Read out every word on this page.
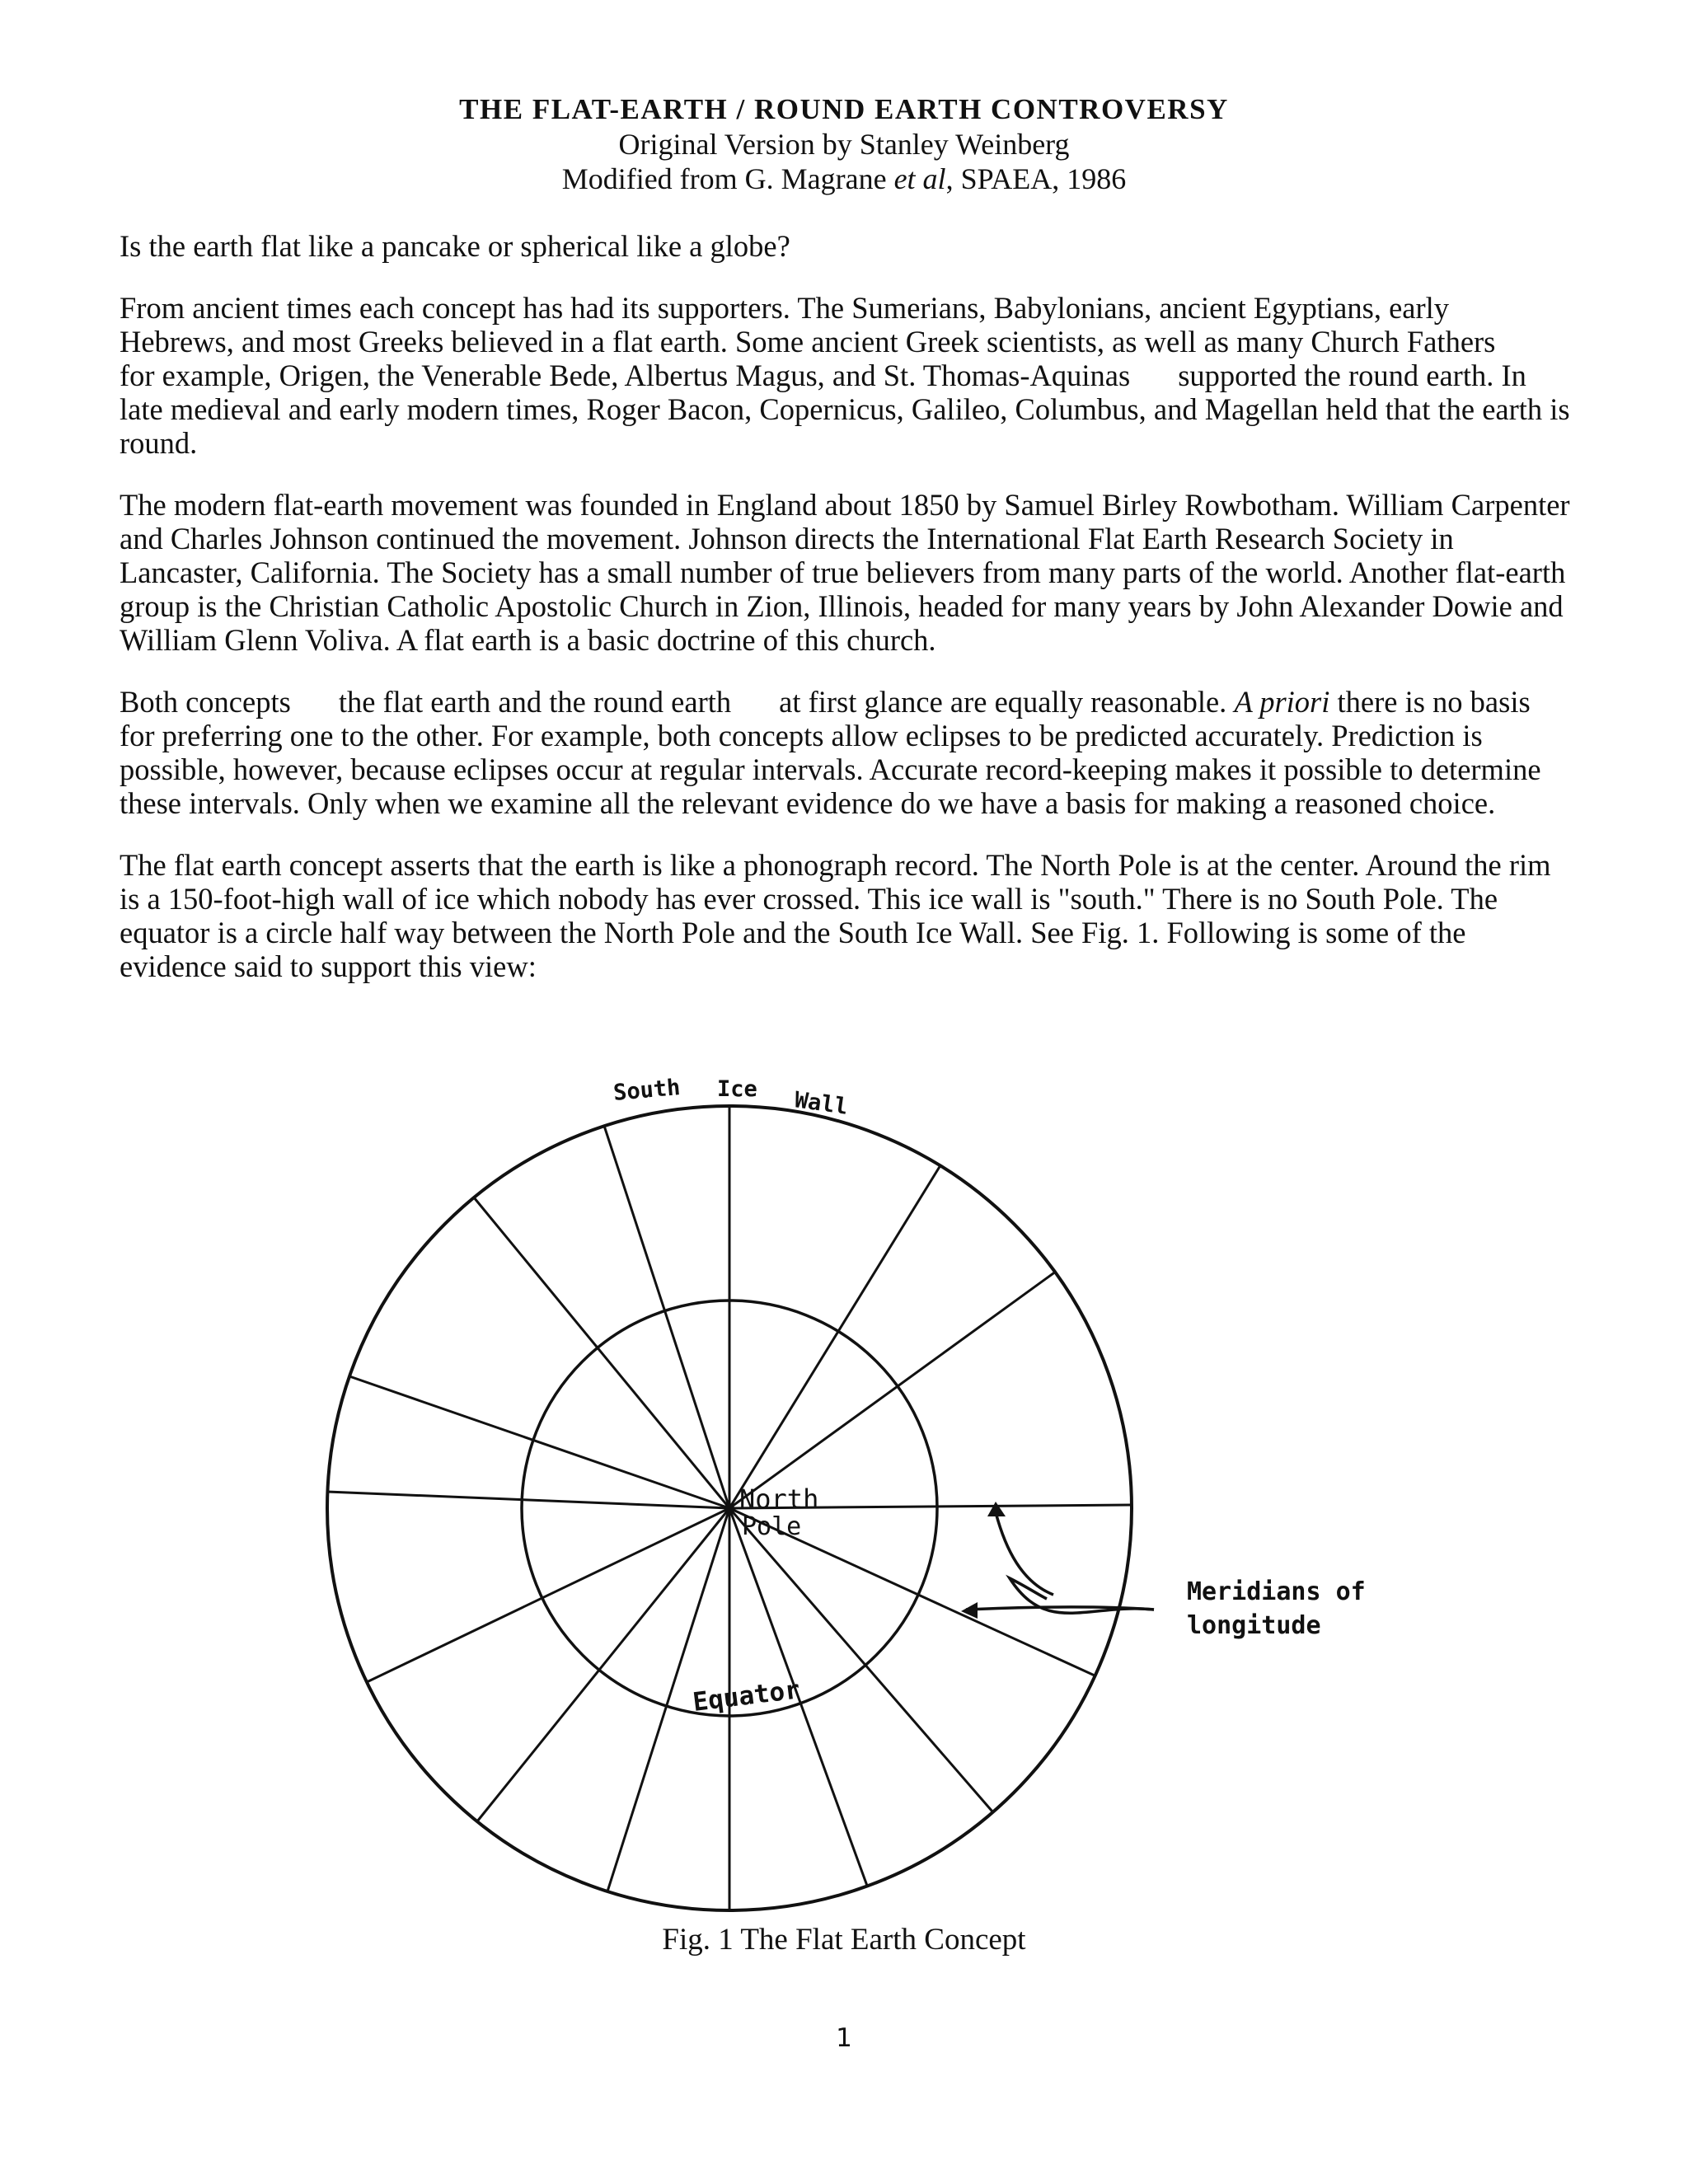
THE FLAT-EARTH / ROUND EARTH CONTROVERSY
Original Version by Stanley Weinberg
Modified from G. Magrane et al, SPAEA, 1986

Is the earth flat like a pancake or spherical like a globe?

From ancient times each concept has had its supporters. The Sumerians, Babylonians, ancient Egyptians, early Hebrews, and most Greeks believed in a flat earth. Some ancient Greek scientists, as well as many Church Fathersfor example, Origen, the Venerable Bede, Albertus Magus, and St. Thomas-Aquinas supported the round earth. In late medieval and early modern times, Roger Bacon, Copernicus, Galileo, Columbus, and Magellan held that the earth is round.

The modern flat-earth movement was founded in England about 1850 by Samuel Birley Rowbotham. William Carpenter and Charles Johnson continued the movement. Johnson directs the International Flat Earth Research Society in Lancaster, California. The Society has a small number of true believers from many parts of the world. Another flat-earth group is the Christian Catholic Apostolic Church in Zion, Illinois, headed for many years by John Alexander Dowie and William Glenn Voliva. A flat earth is a basic doctrine of this church.

Both concepts the flat earth and the round earth at first glance are equally reasonable. A priori there is no basis for preferring one to the other. For example, both concepts allow eclipses to be predicted accurately. Prediction is possible, however, because eclipses occur at regular intervals. Accurate record-keeping makes it possible to determine these intervals. Only when we examine all the relevant evidence do we have a basis for making a reasoned choice.

The flat earth concept asserts that the earth is like a phonograph record. The North Pole is at the center. Around the rim is a 150-foot-high wall of ice which nobody has ever crossed. This ice wall is "south." There is no South Pole. The equator is a circle half way between the North Pole and the South Ice Wall. See Fig. 1. Following is some of the evidence said to support this view:

South Ice Wall
North
Pole
Equator
Meridians of
longitude
Fig. 1 The Flat Earth Concept
1
